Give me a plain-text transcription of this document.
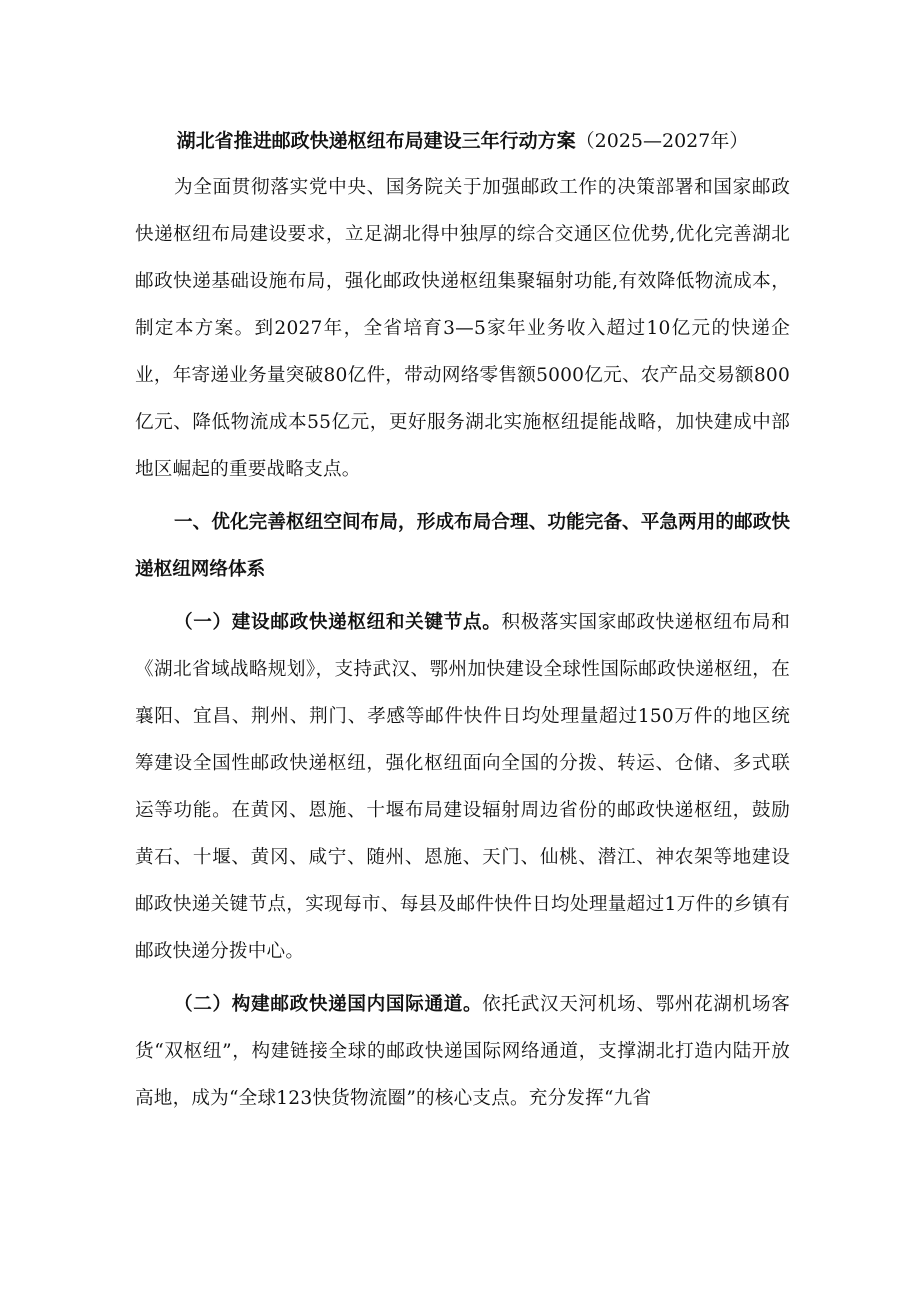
湖北省推进邮政快递枢纽布局建设三年行动方案（2025—2027年）

为全面贯彻落实党中央、国务院关于加强邮政工作的决策部署和国家邮政快递枢纽布局建设要求，立足湖北得中独厚的综合交通区位优势,优化完善湖北邮政快递基础设施布局，强化邮政快递枢纽集聚辐射功能,有效降低物流成本，制定本方案。到2027年，全省培育3—5家年业务收入超过10亿元的快递企业，年寄递业务量突破80亿件，带动网络零售额5000亿元、农产品交易额800亿元、降低物流成本55亿元，更好服务湖北实施枢纽提能战略，加快建成中部地区崛起的重要战略支点。

一、优化完善枢纽空间布局，形成布局合理、功能完备、平急两用的邮政快递枢纽网络体系

（一）建设邮政快递枢纽和关键节点。积极落实国家邮政快递枢纽布局和《湖北省域战略规划》，支持武汉、鄂州加快建设全球性国际邮政快递枢纽，在襄阳、宜昌、荆州、荆门、孝感等邮件快件日均处理量超过150万件的地区统筹建设全国性邮政快递枢纽，强化枢纽面向全国的分拨、转运、仓储、多式联运等功能。在黄冈、恩施、十堰布局建设辐射周边省份的邮政快递枢纽，鼓励黄石、十堰、黄冈、咸宁、随州、恩施、天门、仙桃、潜江、神农架等地建设邮政快递关键节点，实现每市、每县及邮件快件日均处理量超过1万件的乡镇有邮政快递分拨中心。

（二）构建邮政快递国内国际通道。依托武汉天河机场、鄂州花湖机场客货“双枢纽”，构建链接全球的邮政快递国际网络通道，支撑湖北打造内陆开放高地，成为“全球123快货物流圈”的核心支点。充分发挥“九省
